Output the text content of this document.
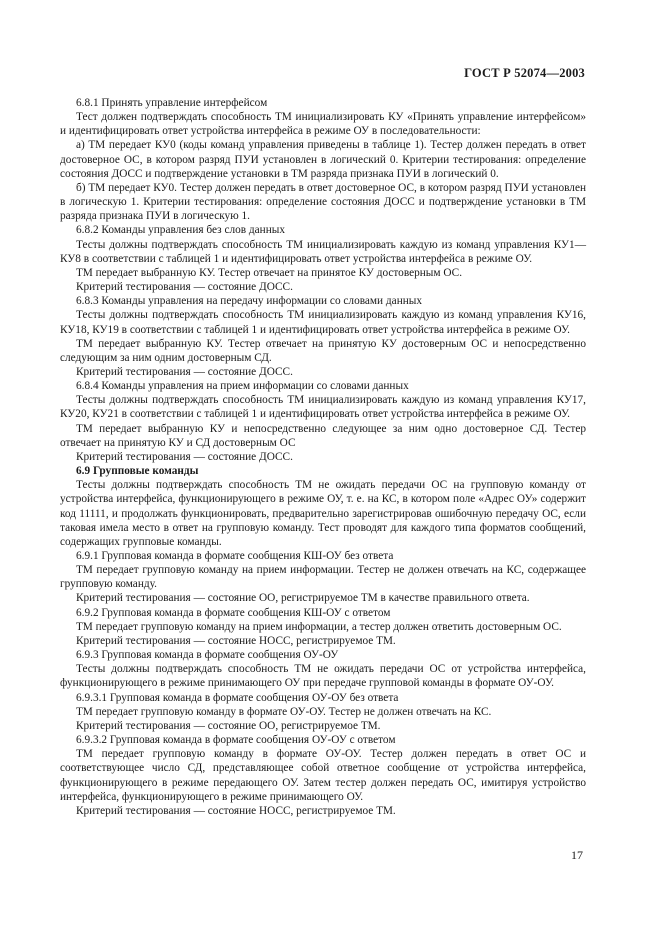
ГОСТ Р 52074—2003

6.8.1 Принять управление интерфейсом

Тест должен подтверждать способность ТМ инициализировать КУ «Принять управление интерфейсом» и идентифицировать ответ устройства интерфейса в режиме ОУ в последовательности:

а) ТМ передает КУ0 (коды команд управления приведены в таблице 1). Тестер должен передать в ответ достоверное ОС, в котором разряд ПУИ установлен в логический 0. Критерии тестирования: определение состояния ДОСС и подтверждение установки в ТМ разряда признака ПУИ в логический 0.

б) ТМ передает КУ0. Тестер должен передать в ответ достоверное ОС, в котором разряд ПУИ установлен в логическую 1. Критерии тестирования: определение состояния ДОСС и подтверждение установки в ТМ разряда признака ПУИ в логическую 1.

6.8.2 Команды управления без слов данных

Тесты должны подтверждать способность ТМ инициализировать каждую из команд управления КУ1—КУ8 в соответствии с таблицей 1 и идентифицировать ответ устройства интерфейса в режиме ОУ.

ТМ передает выбранную КУ. Тестер отвечает на принятое КУ достоверным ОС.

Критерий тестирования — состояние ДОСС.

6.8.3 Команды управления на передачу информации со словами данных

Тесты должны подтверждать способность ТМ инициализировать каждую из команд управления КУ16, КУ18, КУ19 в соответствии с таблицей 1 и идентифицировать ответ устройства интерфейса в режиме ОУ.

ТМ передает выбранную КУ. Тестер отвечает на принятую КУ достоверным ОС и непосредственно следующим за ним одним достоверным СД.

Критерий тестирования — состояние ДОСС.

6.8.4 Команды управления на прием информации со словами данных

Тесты должны подтверждать способность ТМ инициализировать каждую из команд управления КУ17, КУ20, КУ21 в соответствии с таблицей 1 и идентифицировать ответ устройства интерфейса в режиме ОУ.

ТМ передает выбранную КУ и непосредственно следующее за ним одно достоверное СД. Тестер отвечает на принятую КУ и СД достоверным ОС

Критерий тестирования — состояние ДОСС.

6.9 Групповые команды

Тесты должны подтверждать способность ТМ не ожидать передачи ОС на групповую команду от устройства интерфейса, функционирующего в режиме ОУ, т. е. на КС, в котором поле «Адрес ОУ» содержит код 11111, и продолжать функционировать, предварительно зарегистрировав ошибочную передачу ОС, если таковая имела место в ответ на групповую команду. Тест проводят для каждого типа форматов сообщений, содержащих групповые команды.

6.9.1 Групповая команда в формате сообщения КШ-ОУ без ответа

ТМ передает групповую команду на прием информации. Тестер не должен отвечать на КС, содержащее групповую команду.

Критерий тестирования — состояние ОО, регистрируемое ТМ в качестве правильного ответа.

6.9.2 Групповая команда в формате сообщения КШ-ОУ с ответом

ТМ передает групповую команду на прием информации, а тестер должен ответить достоверным ОС.

Критерий тестирования — состояние НОСС, регистрируемое ТМ.

6.9.3 Групповая команда в формате сообщения ОУ-ОУ

Тесты должны подтверждать способность ТМ не ожидать передачи ОС от устройства интерфейса, функционирующего в режиме принимающего ОУ при передаче групповой команды в формате ОУ-ОУ.

6.9.3.1 Групповая команда в формате сообщения ОУ-ОУ без ответа

ТМ передает групповую команду в формате ОУ-ОУ. Тестер не должен отвечать на КС.

Критерий тестирования — состояние ОО, регистрируемое ТМ.

6.9.3.2 Групповая команда в формате сообщения ОУ-ОУ с ответом

ТМ передает групповую команду в формате ОУ-ОУ. Тестер должен передать в ответ ОС и соответствующее число СД, представляющее собой ответное сообщение от устройства интерфейса, функционирующего в режиме передающего ОУ. Затем тестер должен передать ОС, имитируя устройство интерфейса, функционирующего в режиме принимающего ОУ.

Критерий тестирования — состояние НОСС, регистрируемое ТМ.

17
